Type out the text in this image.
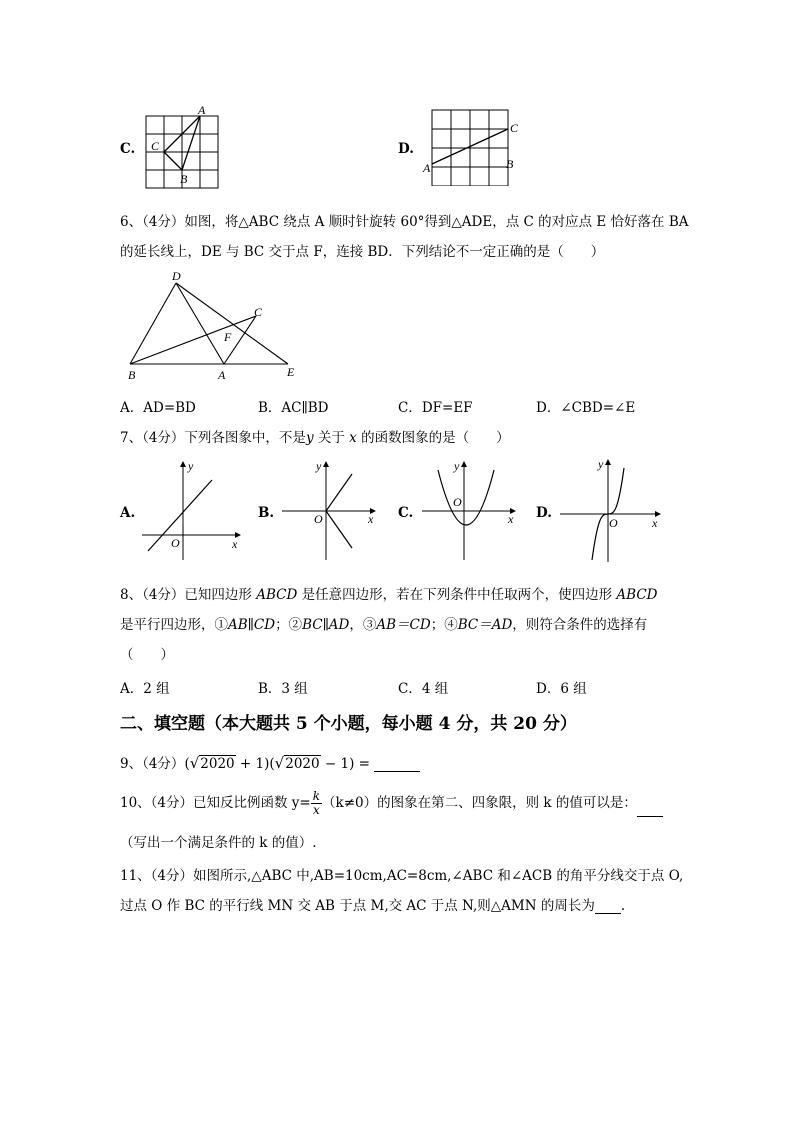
C.
A
C
B
D.
C
A	B
6、（4分）如图，将△ABC 绕点 A 顺时针旋转 60°得到△ADE，点 C 的对应点 E 恰好落在 BA
的延长线上，DE 与 BC 交于点 F，连接 BD．下列结论不一定正确的是（　　）
D
C
F
B	A	E
A．AD=BD	B．AC∥BD	C．DF=EF	D．∠CBD=∠E
7、（4分）下列各图象中，不是y 关于 x 的函数图象的是（　　）
A.
x
y
O
B.	x
y
O	C.	x
y
O
D.
x
y
O
8、（4分）已知四边形 ABCD 是任意四边形，若在下列条件中任取两个，使四边形 ABCD
是平行四边形，①AB∥CD；②BC∥AD，③AB＝CD；④BC＝AD，则符合条件的选择有
（　　）
A．2 组	B．3 组	C．4 组	D．6 组
二、填空题（本大题共 5 个小题，每小题 4 分，共 20 分）
9、（4分）(√2020 + 1)(√2020 − 1) =
10、（4分）已知反比例函数 $y= \frac{k}{x} (k\ne 0)$的图象在第二、四象限，则 k 的值可以是：
（写出一个满足条件的 k 的值）.
11、（4分）如图所示,△ABC 中,AB=10cm,AC=8cm,∠ABC 和∠ACB 的角平分线交于点 O,
过点 O 作 BC 的平行线 MN 交 AB 于点 M,交 AC 于点 N,则△AMN 的周长为 .
